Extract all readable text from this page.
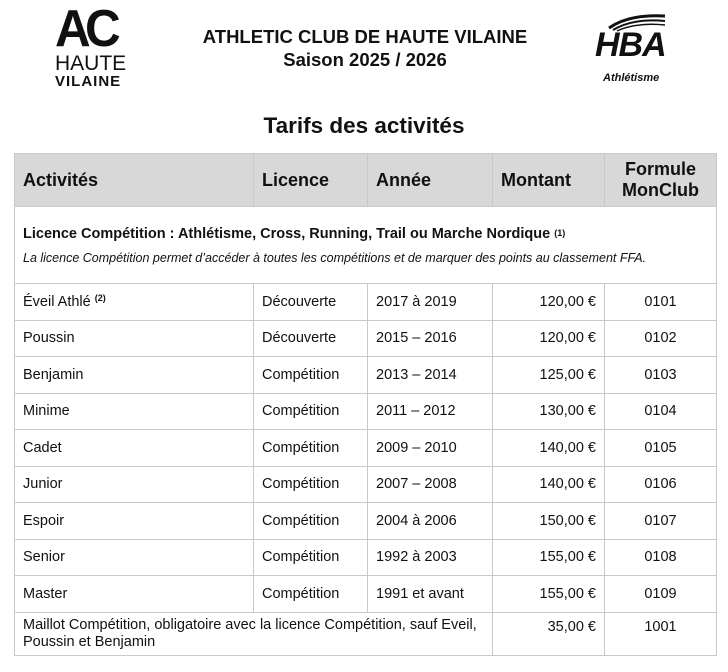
AC
HAUTE
VILAINE
ATHLETIC CLUB DE HAUTE VILAINE
Saison 2025 / 2026	HBA
Athlétisme
Tarifs des activités
Activités	Licence	Année	Montant	Formule MonClub

Licence Compétition : Athlétisme, Cross, Running, Trail ou Marche Nordique $^{(1)}$
La licence Compétition permet d’accéder à toutes les compétitions et de marquer des points au classement FFA.				

Éveil Athlé $^{(2)}$	Découverte	2017 à 2019	120,00 €	0101
Poussin	Découverte	2015 – 2016	120,00 €	0102
Benjamin	Compétition	2013 – 2014	125,00 €	0103
Minime	Compétition	2011 – 2012	130,00 €	0104
Cadet	Compétition	2009 – 2010	140,00 €	0105
Junior	Compétition	2007 – 2008	140,00 €	0106
Espoir	Compétition	2004 à 2006	150,00 €	0107
Senior	Compétition	1992 à 2003	155,00 €	0108
Master	Compétition	1991 et avant	155,00 €	0109
Maillot Compétition, obligatoire avec la licence Compétition, sauf Eveil, Poussin et Benjamin			35,00 €	1001
